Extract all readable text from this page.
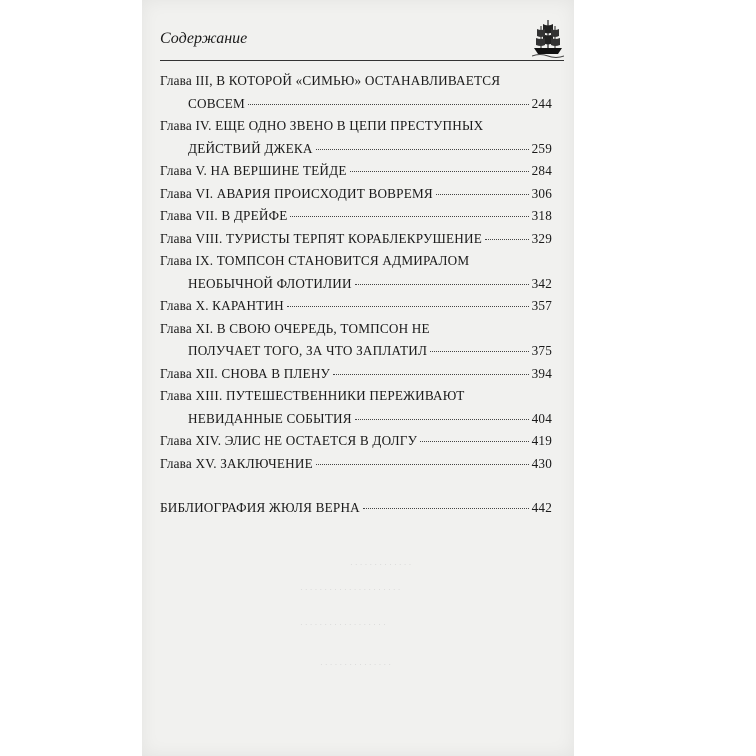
· · · · · · · · · · · · ·
· · · · · · · · · · · · · · · · · · · · ·
· · · · · · · · · · · · · · · · · ·
· · · · · · · · · · · · · · ·
Содержание
Глава III, В КОТОРОЙ «СИМЬЮ» ОСТАНАВЛИВАЕТСЯ
СОВСЕМ	244
Глава IV. ЕЩЕ ОДНО ЗВЕНО В ЦЕПИ ПРЕСТУПНЫХ
ДЕЙСТВИЙ ДЖЕКА	259
Глава V. НА ВЕРШИНЕ ТЕЙДЕ	284
Глава VI. АВАРИЯ ПРОИСХОДИТ ВОВРЕМЯ	306
Глава VII. В ДРЕЙФЕ	318
Глава VIII. ТУРИСТЫ ТЕРПЯТ КОРАБЛЕКРУШЕНИЕ	329
Глава IX. ТОМПСОН СТАНОВИТСЯ АДМИРАЛОМ
НЕОБЫЧНОЙ ФЛОТИЛИИ	342
Глава X. КАРАНТИН	357
Глава XI. В СВОЮ ОЧЕРЕДЬ, ТОМПСОН НЕ
ПОЛУЧАЕТ ТОГО, ЗА ЧТО ЗАПЛАТИЛ	375
Глава XII. СНОВА В ПЛЕНУ	394
Глава XIII. ПУТЕШЕСТВЕННИКИ ПЕРЕЖИВАЮТ
НЕВИДАННЫЕ СОБЫТИЯ	404
Глава XIV. ЭЛИС НЕ ОСТАЕТСЯ В ДОЛГУ	419
Глава XV. ЗАКЛЮЧЕНИЕ	430
БИБЛИОГРАФИЯ ЖЮЛЯ ВЕРНА	442
